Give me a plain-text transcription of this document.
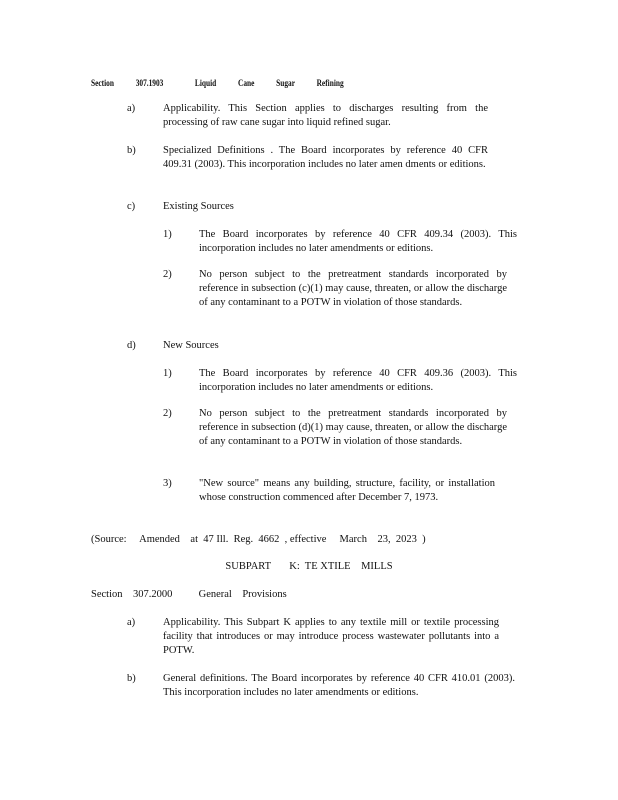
Section 307.1903	Liquid Cane Sugar Refining
a)	Applicability. This Section applies to discharges resulting from the processing of raw cane sugar into liquid refined sugar.
b)	Specialized Definitions . The Board incorporates by reference 40 CFR 409.31 (2003). This incorporation includes no later amen dments or editions.
c)	Existing Sources
1)	The Board incorporates by reference 40 CFR 409.34 (2003). This incorporation includes no later amendments or editions.
2)	No person subject to the pretreatment standards incorporated by reference in subsection (c)(1) may cause, threaten, or allow the discharge of any contaminant to a POTW in violation of those standards.
d)	New Sources
1)	The Board incorporates by reference 40 CFR 409.36 (2003). This incorporation includes no later amendments or editions.
2)	No person subject to the pretreatment standards incorporated by reference in subsection (d)(1) may cause, threaten, or allow the discharge of any contaminant to a POTW in violation of those standards.
3)	"New source" means any building, structure, facility, or installation whose construction commenced after December 7, 1973.
(Source:     Amended    at  47 Ill.  Reg.  4662  , effective     March    23,  2023  )
SUBPART       K:  TE XTILE    MILLS
Section    307.2000          General    Provisions
a)	Applicability. This Subpart K applies to any textile mill or textile processing facility that introduces or may introduce process wastewater pollutants into a POTW.
b)	General definitions. The Board incorporates by reference 40 CFR 410.01 (2003). This incorporation includes no later amendments or editions.
